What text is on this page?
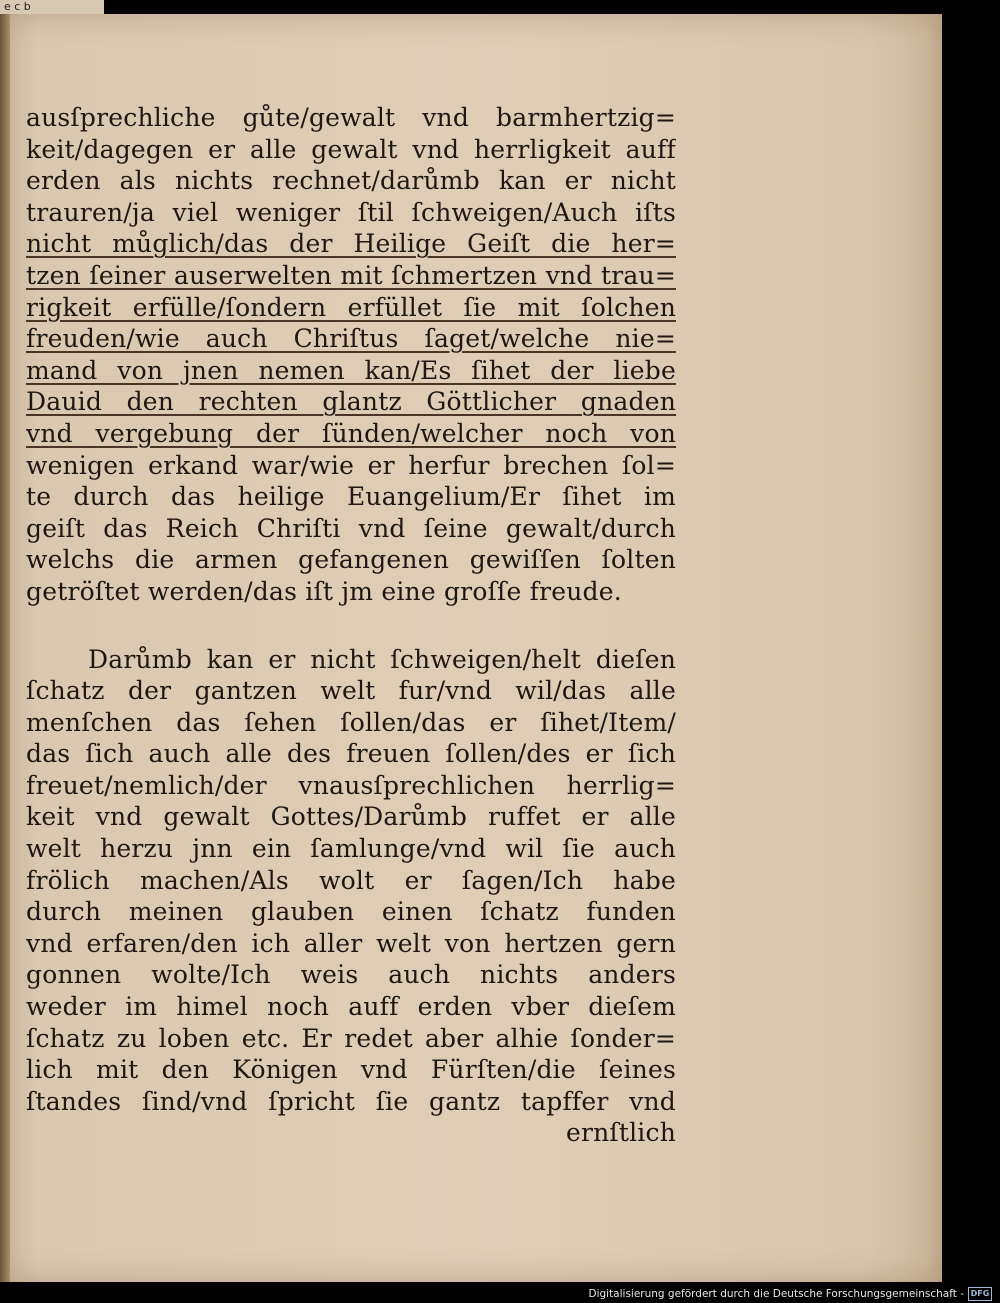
e c b
ausſprechliche gůte/gewalt vnd barmhertzig=
keit/dagegen er alle gewalt vnd herrligkeit auff
erden als nichts rechnet/darůmb kan er nicht
trauren/ja viel weniger ſtil ſchweigen/Auch iſts
nicht můglich/das der Heilige Geiſt die her=
tzen ſeiner auserwelten mit ſchmertzen vnd trau=
rigkeit erfülle/ſondern erfüllet ſie mit ſolchen
freuden/wie auch Chriſtus ſaget/welche nie=
mand von jnen nemen kan/Es ſihet der liebe
Dauid den rechten glantz Göttlicher gnaden
vnd vergebung der ſünden/welcher noch von
wenigen erkand war/wie er herfur brechen ſol=
te durch das heilige Euangelium/Er ſihet im
geiſt das Reich Chriſti vnd ſeine gewalt/durch
welchs die armen gefangenen gewiſſen ſolten
getröſtet werden/das iſt jm eine groſſe freude.
Darůmb kan er nicht ſchweigen/helt dieſen
ſchatz der gantzen welt fur/vnd wil/das alle
menſchen das ſehen ſollen/das er ſihet/Item/
das ſich auch alle des freuen ſollen/des er ſich
freuet/nemlich/der vnausſprechlichen herrlig=
keit vnd gewalt Gottes/Darůmb ruffet er alle
welt herzu jnn ein ſamlunge/vnd wil ſie auch
frölich machen/Als wolt er ſagen/Ich habe
durch meinen glauben einen ſchatz funden
vnd erfaren/den ich aller welt von hertzen gern
gonnen wolte/Ich weis auch nichts anders
weder im himel noch auff erden vber dieſem
ſchatz zu loben etc. Er redet aber alhie ſonder=
lich mit den Königen vnd Fürſten/die ſeines
ſtandes ſind/vnd ſpricht ſie gantz tapffer vnd
ernſtlich
Digitalisierung gefördert durch die Deutsche Forschungsgemeinschaft - DFG
